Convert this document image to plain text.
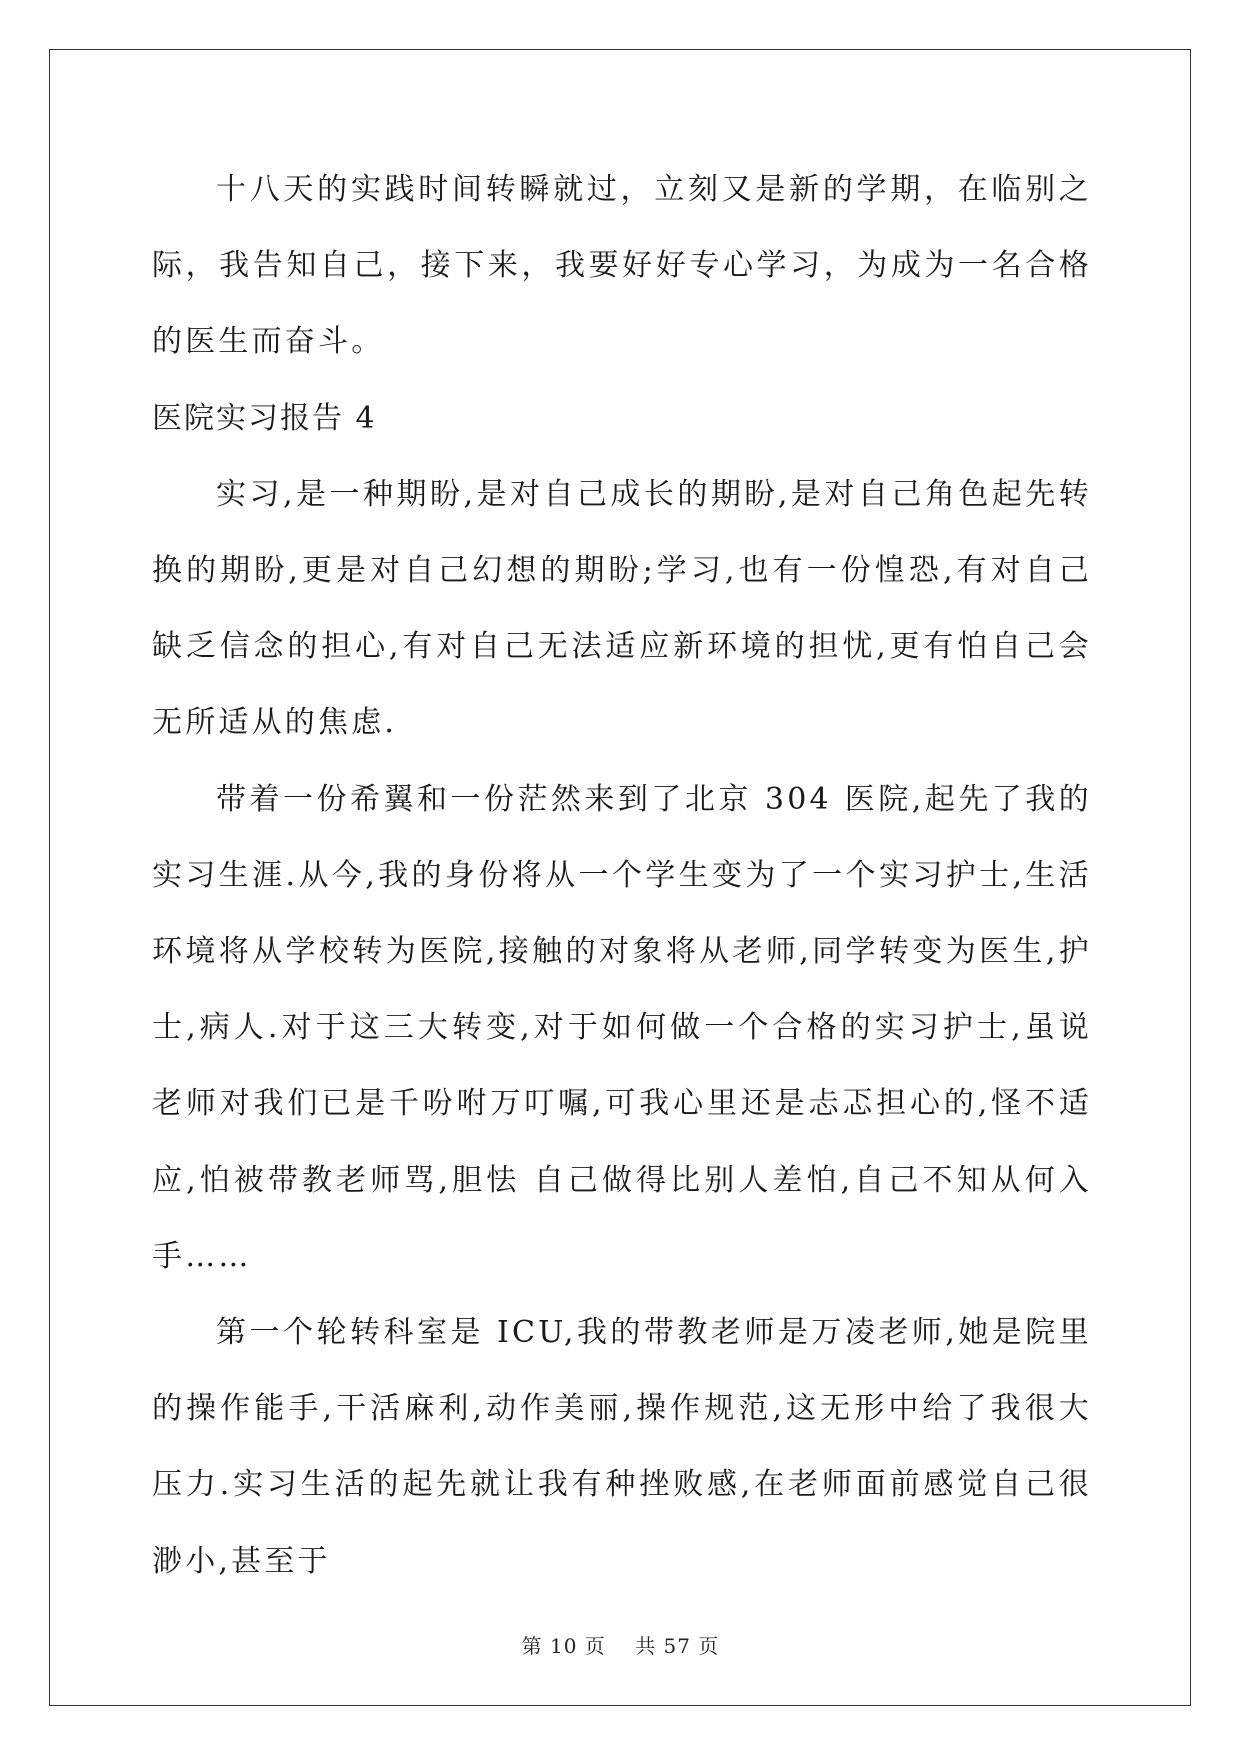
十八天的实践时间转瞬就过，立刻又是新的学期，在临别之际，我告知自己，接下来，我要好好专心学习，为成为一名合格的医生而奋斗。

医院实习报告 4

实习,是一种期盼,是对自己成长的期盼,是对自己角色起先转换的期盼,更是对自己幻想的期盼;学习,也有一份惶恐,有对自己缺乏信念的担心,有对自己无法适应新环境的担忧,更有怕自己会无所适从的焦虑.

带着一份希翼和一份茫然来到了北京 304 医院,起先了我的实习生涯.从今,我的身份将从一个学生变为了一个实习护士,生活环境将从学校转为医院,接触的对象将从老师,同学转变为医生,护士,病人.对于这三大转变,对于如何做一个合格的实习护士,虽说老师对我们已是千吩咐万叮嘱,可我心里还是忐忑担心的,怪不适应,怕被带教老师骂,胆怯 自己做得比别人差怕,自己不知从何入手……

第一个轮转科室是 ICU,我的带教老师是万凌老师,她是院里的操作能手,干活麻利,动作美丽,操作规范,这无形中给了我很大压力.实习生活的起先就让我有种挫败感,在老师面前感觉自己很渺小,甚至于

第 10 页    共 57 页
